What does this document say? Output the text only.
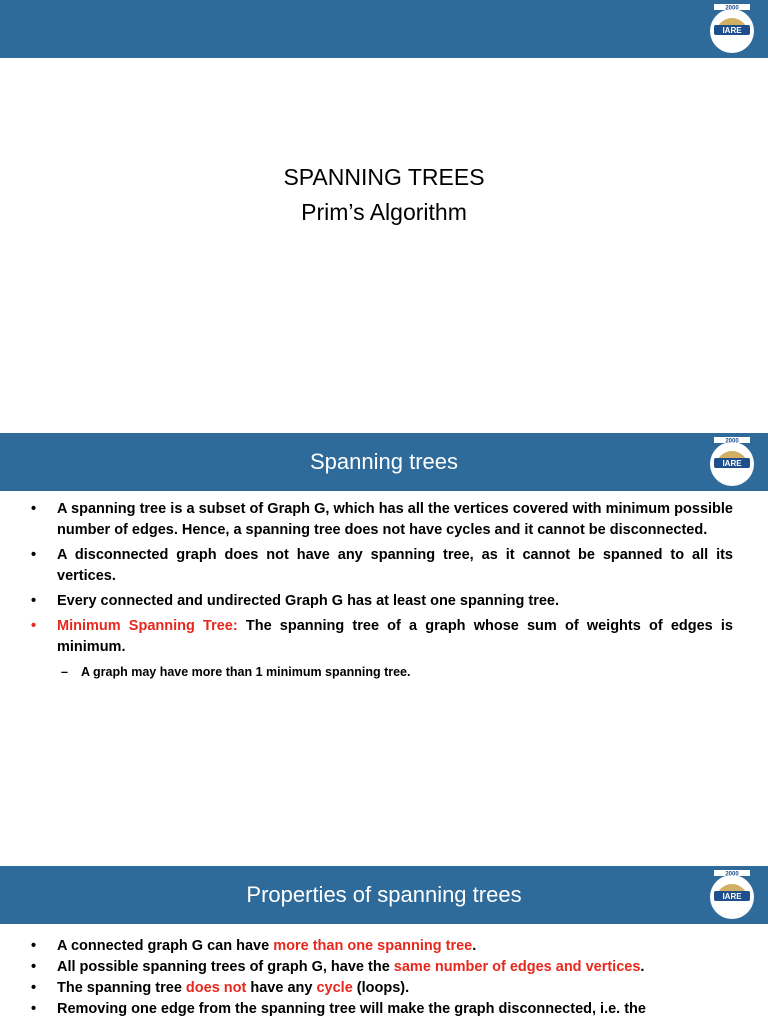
2000
IARE
SPANNING TREES
Prim’s Algorithm
Spanning trees
2000
IARE
• A spanning tree is a subset of Graph G, which has all the vertices covered with minimum possible number of edges. Hence, a spanning tree does not have cycles and it cannot be disconnected.
• A disconnected graph does not have any spanning tree, as it cannot be spanned to all its vertices.
• Every connected and undirected Graph G has at least one spanning tree.
• Minimum Spanning Tree: The spanning tree of a graph whose sum of weights of edges is minimum.
– A graph may have more than 1 minimum spanning tree.
Properties of spanning trees
2000
IARE
• A connected graph G can have more than one spanning tree.
• All possible spanning trees of graph G, have the same number of edges and vertices.
• The spanning tree does not have any cycle (loops).
• Removing one edge from the spanning tree will make the graph disconnected, i.e. the
